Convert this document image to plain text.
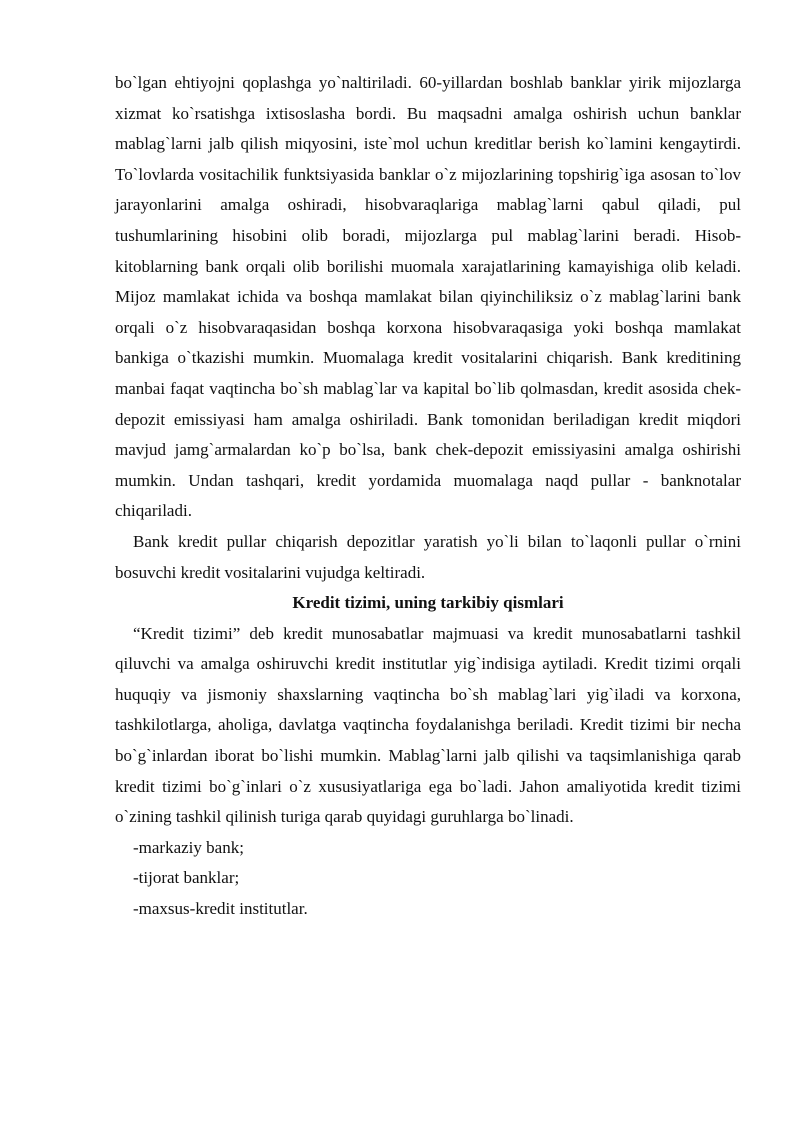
bo`lgan ehtiyojni qoplashga yo`naltiriladi. 60-yillardan boshlab banklar yirik mijozlarga xizmat ko`rsatishga ixtisoslasha bordi. Bu maqsadni amalga oshirish uchun banklar mablag`larni jalb qilish miqyosini, iste`mol uchun kreditlar berish ko`lamini kengaytirdi. To`lovlarda vositachilik funktsiyasida banklar o`z mijozlarining topshirig`iga asosan to`lov jarayonlarini amalga oshiradi, hisobvaraqlariga mablag`larni qabul qiladi, pul tushumlarining hisobini olib boradi, mijozlarga pul mablag`larini beradi. Hisob-kitoblarning bank orqali olib borilishi muomala xarajatlarining kamayishiga olib keladi. Mijoz mamlakat ichida va boshqa mamlakat bilan qiyinchiliksiz o`z mablag`larini bank orqali o`z hisobvaraqasidan boshqa korxona hisobvaraqasiga yoki boshqa mamlakat bankiga o`tkazishi mumkin. Muomalaga kredit vositalarini chiqarish. Bank kreditining manbai faqat vaqtincha bo`sh mablag`lar va kapital bo`lib qolmasdan, kredit asosida chek-depozit emissiyasi ham amalga oshiriladi. Bank tomonidan beriladigan kredit miqdori mavjud jamg`armalardan ko`p bo`lsa, bank chek-depozit emissiyasini amalga oshirishi mumkin. Undan tashqari, kredit yordamida muomalaga naqd pullar - banknotalar chiqariladi.

Bank kredit pullar chiqarish depozitlar yaratish yo`li bilan to`laqonli pullar o`rnini bosuvchi kredit vositalarini vujudga keltiradi.

Kredit tizimi, uning tarkibiy qismlari

“Kredit tizimi” deb kredit munosabatlar majmuasi va kredit munosabatlarni tashkil qiluvchi va amalga oshiruvchi kredit institutlar yig`indisiga aytiladi. Kredit tizimi orqali huquqiy va jismoniy shaxslarning vaqtincha bo`sh mablag`lari yig`iladi va korxona, tashkilotlarga, aholiga, davlatga vaqtincha foydalanishga beriladi. Kredit tizimi bir necha bo`g`inlardan iborat bo`lishi mumkin. Mablag`larni jalb qilishi va taqsimlanishiga qarab kredit tizimi bo`g`inlari o`z xususiyatlariga ega bo`ladi. Jahon amaliyotida kredit tizimi o`zining tashkil qilinish turiga qarab quyidagi guruhlarga bo`linadi.

-markaziy bank;

-tijorat banklar;

-maxsus-kredit institutlar.
